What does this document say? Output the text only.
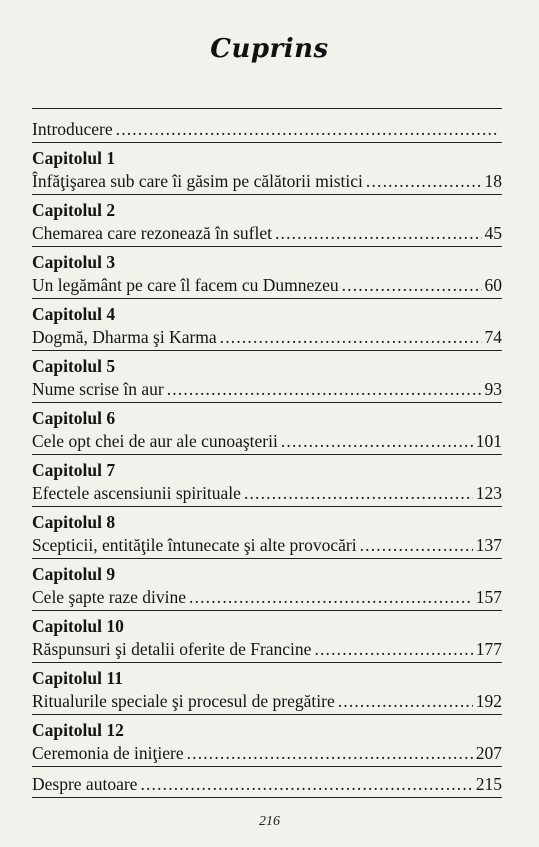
Cuprins
Introducere
. . .
Capitolul 1
Înfăţişarea sub care îi găsim pe călătorii mistici . . .	18
Capitolul 2
Chemarea care rezonează în suflet . . .	45
Capitolul 3
Un legământ pe care îl facem cu Dumnezeu . . .	60
Capitolul 4
Dogmă, Dharma şi Karma . . .	74
Capitolul 5
Nume scrise în aur . . .	93
Capitolul 6
Cele opt chei de aur ale cunoaşterii . . .	101
Capitolul 7
Efectele ascensiunii spirituale . . .	123
Capitolul 8
Scepticii, entităţile întunecate şi alte provocări . . .	137
Capitolul 9
Cele şapte raze divine . . .	157
Capitolul 10
Răspunsuri şi detalii oferite de Francine . . .	177
Capitolul 11
Ritualurile speciale şi procesul de pregătire . . .	192
Capitolul 12
Ceremonia de iniţiere . . .	207
Despre autoare . . .	215
216
